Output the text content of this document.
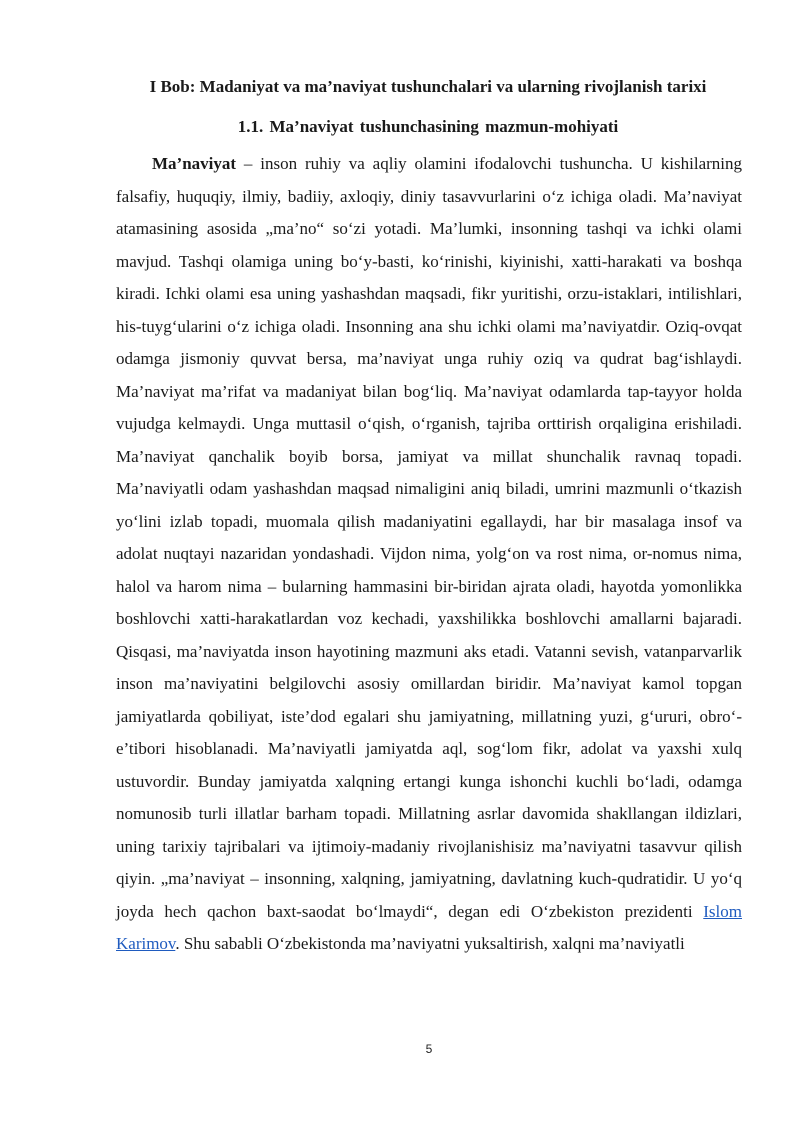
I Bob: Madaniyat va ma’naviyat tushunchalari va ularning rivojlanish tarixi
1.1. Ma’naviyat tushunchasining mazmun-mohiyati

Ma’naviyat – inson ruhiy va aqliy olamini ifodalovchi tushuncha. U kishilarning falsafiy, huquqiy, ilmiy, badiiy, axloqiy, diniy tasavvurlarini o‘z ichiga oladi. Ma’naviyat atamasining asosida „ma’no“ so‘zi yotadi. Ma’lumki, insonning tashqi va ichki olami mavjud. Tashqi olamiga uning bo‘y-basti, ko‘rinishi, kiyinishi, xatti-harakati va boshqa kiradi. Ichki olami esa uning yashashdan maqsadi, fikr yuritishi, orzu-istaklari, intilishlari, his-tuyg‘ularini o‘z ichiga oladi. Insonning ana shu ichki olami ma’naviyatdir. Oziq-ovqat odamga jismoniy quvvat bersa, ma’naviyat unga ruhiy oziq va qudrat bag‘ishlaydi. Ma’naviyat ma’rifat va madaniyat bilan bog‘liq. Ma’naviyat odamlarda tap-tayyor holda vujudga kelmaydi. Unga muttasil o‘qish, o‘rganish, tajriba orttirish orqaligina erishiladi. Ma’naviyat qanchalik boyib borsa, jamiyat va millat shunchalik ravnaq topadi. Ma’naviyatli odam yashashdan maqsad nimaligini aniq biladi, umrini mazmunli o‘tkazish yo‘lini izlab topadi, muomala qilish madaniyatini egallaydi, har bir masalaga insof va adolat nuqtayi nazaridan yondashadi. Vijdon nima, yolg‘on va rost nima, or-nomus nima, halol va harom nima – bularning hammasini bir-biridan ajrata oladi, hayotda yomonlikka boshlovchi xatti-harakatlardan voz kechadi, yaxshilikka boshlovchi amallarni bajaradi. Qisqasi, ma’naviyatda inson hayotining mazmuni aks etadi. Vatanni sevish, vatanparvarlik inson ma’naviyatini belgilovchi asosiy omillardan biridir. Ma’naviyat kamol topgan jamiyatlarda qobiliyat, iste’dod egalari shu jamiyatning, millatning yuzi, g‘ururi, obro‘-e’tibori hisoblanadi. Ma’naviyatli jamiyatda aql, sog‘lom fikr, adolat va yaxshi xulq ustuvordir. Bunday jamiyatda xalqning ertangi kunga ishonchi kuchli bo‘ladi, odamga nomunosib turli illatlar barham topadi. Millatning asrlar davomida shakllangan ildizlari, uning tarixiy tajribalari va ijtimoiy-madaniy rivojlanishisiz ma’naviyatni tasavvur qilish qiyin. „ma’naviyat – insonning, xalqning, jamiyatning, davlatning kuch-qudratidir. U yo‘q joyda hech qachon baxt-saodat bo‘lmaydi“, degan edi O‘zbekiston prezidenti Islom Karimov. Shu sababli O‘zbekistonda ma’naviyatni yuksaltirish, xalqni ma’naviyatli

5
